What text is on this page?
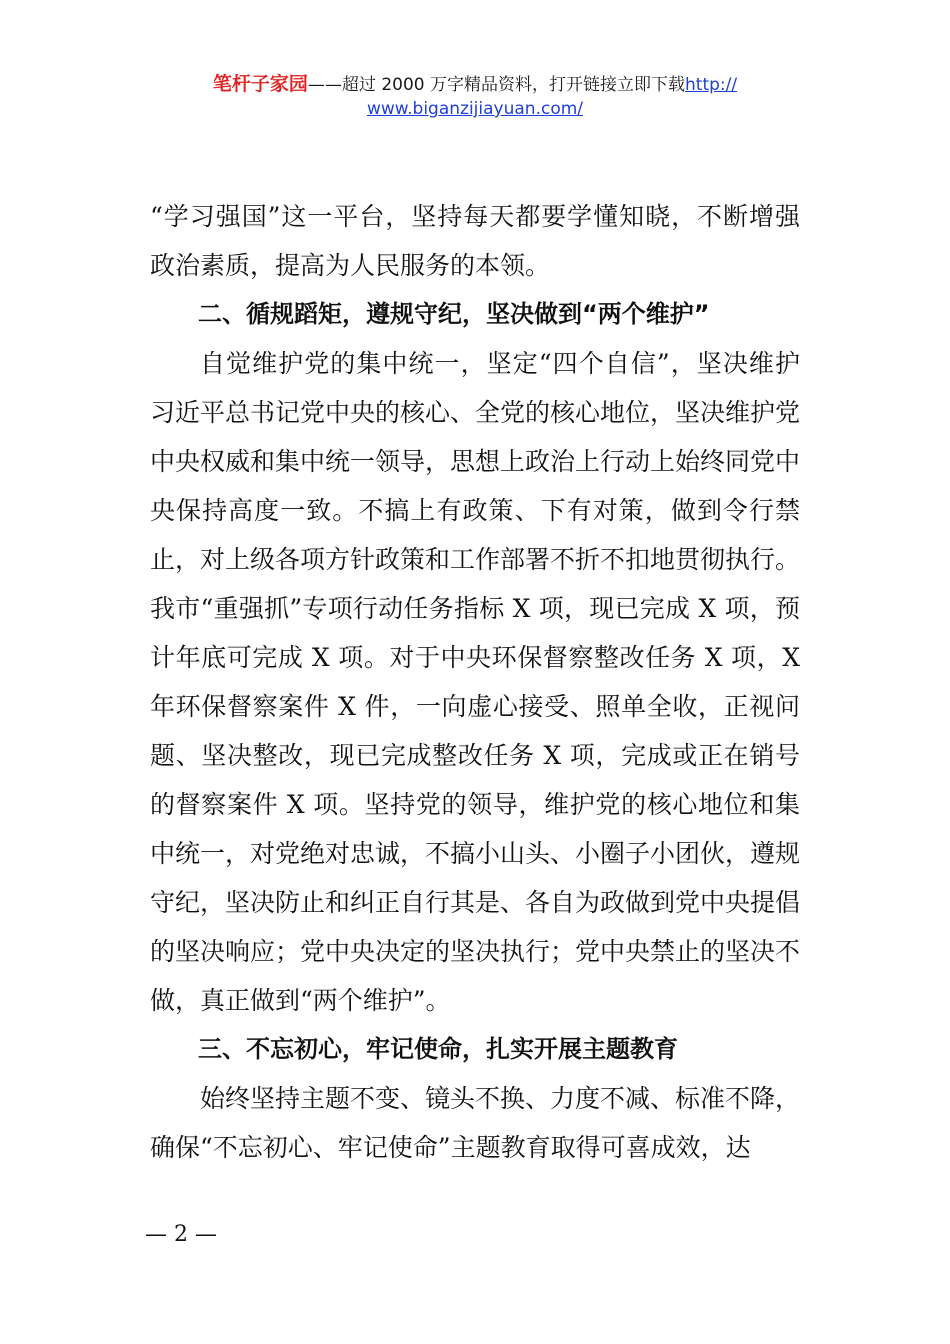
笔杆子家园——超过 2000 万字精品资料，打开链接立即下载http://
www.biganzijiayuan.com/

“学习强国”这一平台，坚持每天都要学懂知晓，不断增强政治素质，提高为人民服务的本领。

二、循规蹈矩，遵规守纪，坚决做到“两个维护”

自觉维护党的集中统一，坚定“四个自信”，坚决维护习近平总书记党中央的核心、全党的核心地位，坚决维护党中央权威和集中统一领导，思想上政治上行动上始终同党中央保持高度一致。不搞上有政策、下有对策，做到令行禁止，对上级各项方针政策和工作部署不折不扣地贯彻执行。我市“重强抓”专项行动任务指标 X 项，现已完成 X 项，预计年底可完成 X 项。对于中央环保督察整改任务 X 项，X 年环保督察案件 X 件，一向虚心接受、照单全收，正视问题、坚决整改，现已完成整改任务 X 项，完成或正在销号的督察案件 X 项。坚持党的领导，维护党的核心地位和集中统一，对党绝对忠诚，不搞小山头、小圈子小团伙，遵规守纪，坚决防止和纠正自行其是、各自为政做到党中央提倡的坚决响应；党中央决定的坚决执行；党中央禁止的坚决不做，真正做到“两个维护”。

三、不忘初心，牢记使命，扎实开展主题教育

始终坚持主题不变、镜头不换、力度不减、标准不降，确保“不忘初心、牢记使命”主题教育取得可喜成效，达

— 2 —
